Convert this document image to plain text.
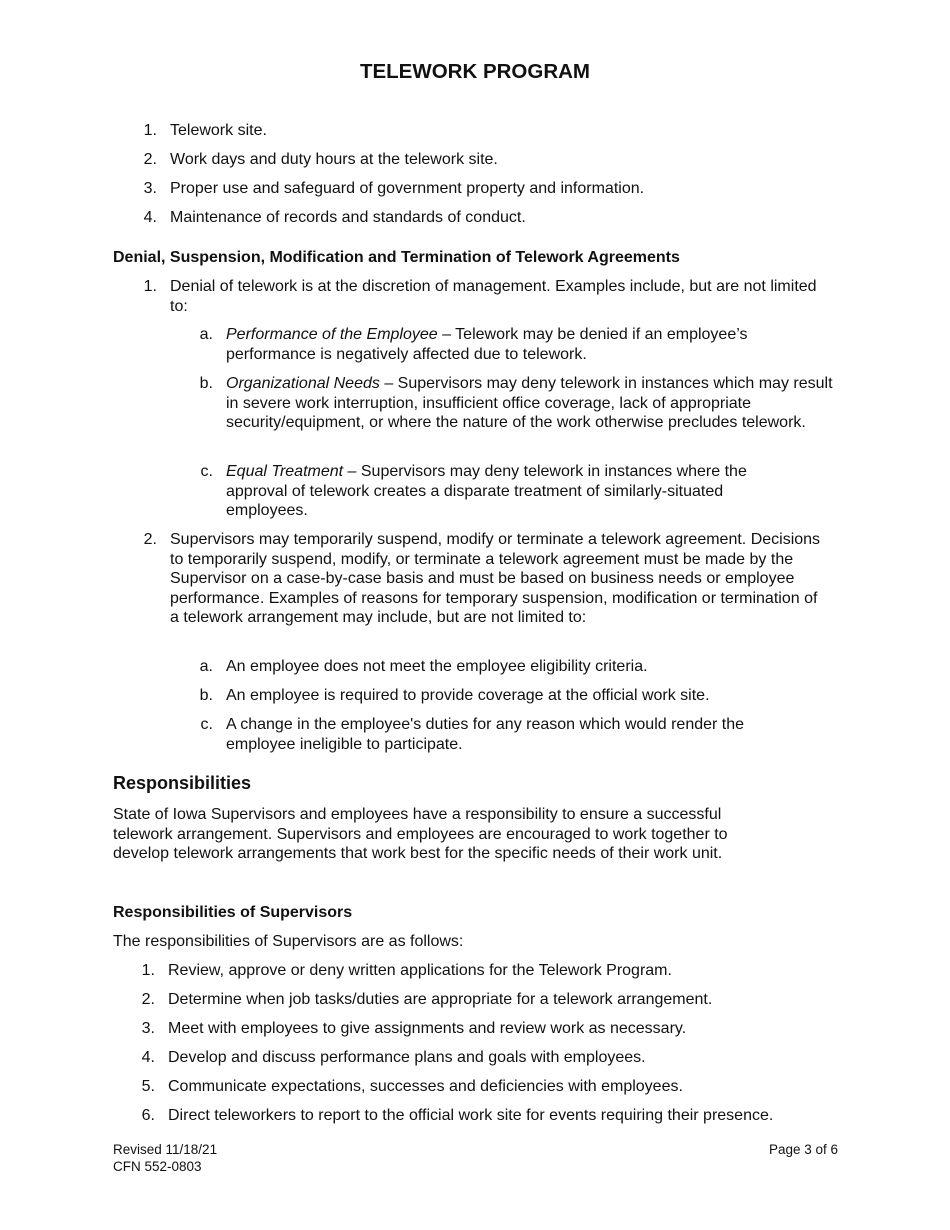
TELEWORK PROGRAM
1. Telework site.
2. Work days and duty hours at the telework site.
3. Proper use and safeguard of government property and information.
4. Maintenance of records and standards of conduct.
Denial, Suspension, Modification and Termination of Telework Agreements
1. Denial of telework is at the discretion of management. Examples include, but are not limited to:
a. Performance of the Employee – Telework may be denied if an employee’s performance is negatively affected due to telework.
b. Organizational Needs – Supervisors may deny telework in instances which may result in severe work interruption, insufficient office coverage, lack of appropriate security/equipment, or where the nature of the work otherwise precludes telework.
c. Equal Treatment – Supervisors may deny telework in instances where the approval of telework creates a disparate treatment of similarly-situated employees.
2. Supervisors may temporarily suspend, modify or terminate a telework agreement. Decisions to temporarily suspend, modify, or terminate a telework agreement must be made by the Supervisor on a case-by-case basis and must be based on business needs or employee performance. Examples of reasons for temporary suspension, modification or termination of a telework arrangement may include, but are not limited to:
a. An employee does not meet the employee eligibility criteria.
b. An employee is required to provide coverage at the official work site.
c. A change in the employee's duties for any reason which would render the employee ineligible to participate.
Responsibilities

State of Iowa Supervisors and employees have a responsibility to ensure a successful telework arrangement. Supervisors and employees are encouraged to work together to develop telework arrangements that work best for the specific needs of their work unit.

Responsibilities of Supervisors

The responsibilities of Supervisors are as follows:

1. Review, approve or deny written applications for the Telework Program.
2. Determine when job tasks/duties are appropriate for a telework arrangement.
3. Meet with employees to give assignments and review work as necessary.
4. Develop and discuss performance plans and goals with employees.
5. Communicate expectations, successes and deficiencies with employees.
6. Direct teleworkers to report to the official work site for events requiring their presence.
Revised 11/18/21
CFN 552-0803
Page 3 of 6
